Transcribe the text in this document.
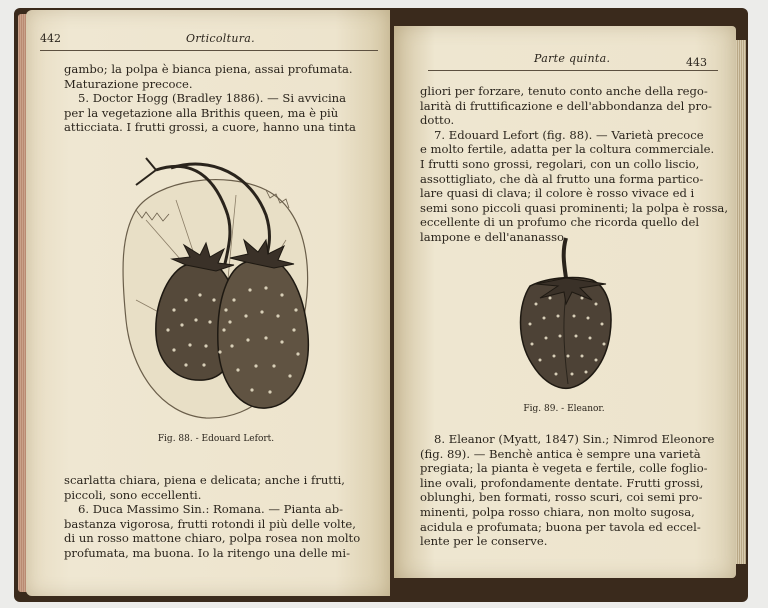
442	Orticoltura.
gambo; la polpa è bianca piena, assai profumata.
Maturazione precoce.
5. Doctor Hogg (Bradley 1886). — Si avvicina
per la vegetazione alla Brithis queen, ma è più
atticciata. I frutti grossi, a cuore, hanno una tinta
Fig. 88. - Edouard Lefort.
scarlatta chiara, piena e delicata; anche i frutti,
piccoli, sono eccellenti.
6. Duca Massimo Sin.: Romana. — Pianta ab-
bastanza vigorosa, frutti rotondi il più delle volte,
di un rosso mattone chiaro, polpa rosea non molto
profumata, ma buona. Io la ritengo una delle mi-
Parte quinta.	443
gliori per forzare, tenuto conto anche della rego-
larità di fruttificazione e dell'abbondanza del pro-
dotto.
7. Edouard Lefort (fig. 88). — Varietà precoce
e molto fertile, adatta per la coltura commerciale.
I frutti sono grossi, regolari, con un collo liscio,
assottigliato, che dà al frutto una forma partico-
lare quasi di clava; il colore è rosso vivace ed i
semi sono piccoli quasi prominenti; la polpa è rossa,
eccellente di un profumo che ricorda quello del
lampone e dell'ananasso.
Fig. 89. - Eleanor.
8. Eleanor (Myatt, 1847) Sin.; Nimrod Eleonore
(fig. 89). — Benchè antica è sempre una varietà
pregiata; la pianta è vegeta e fertile, colle foglio-
line ovali, profondamente dentate. Frutti grossi,
oblunghi, ben formati, rosso scuri, coi semi pro-
minenti, polpa rosso chiara, non molto sugosa,
acidula e profumata; buona per tavola ed eccel-
lente per le conserve.
